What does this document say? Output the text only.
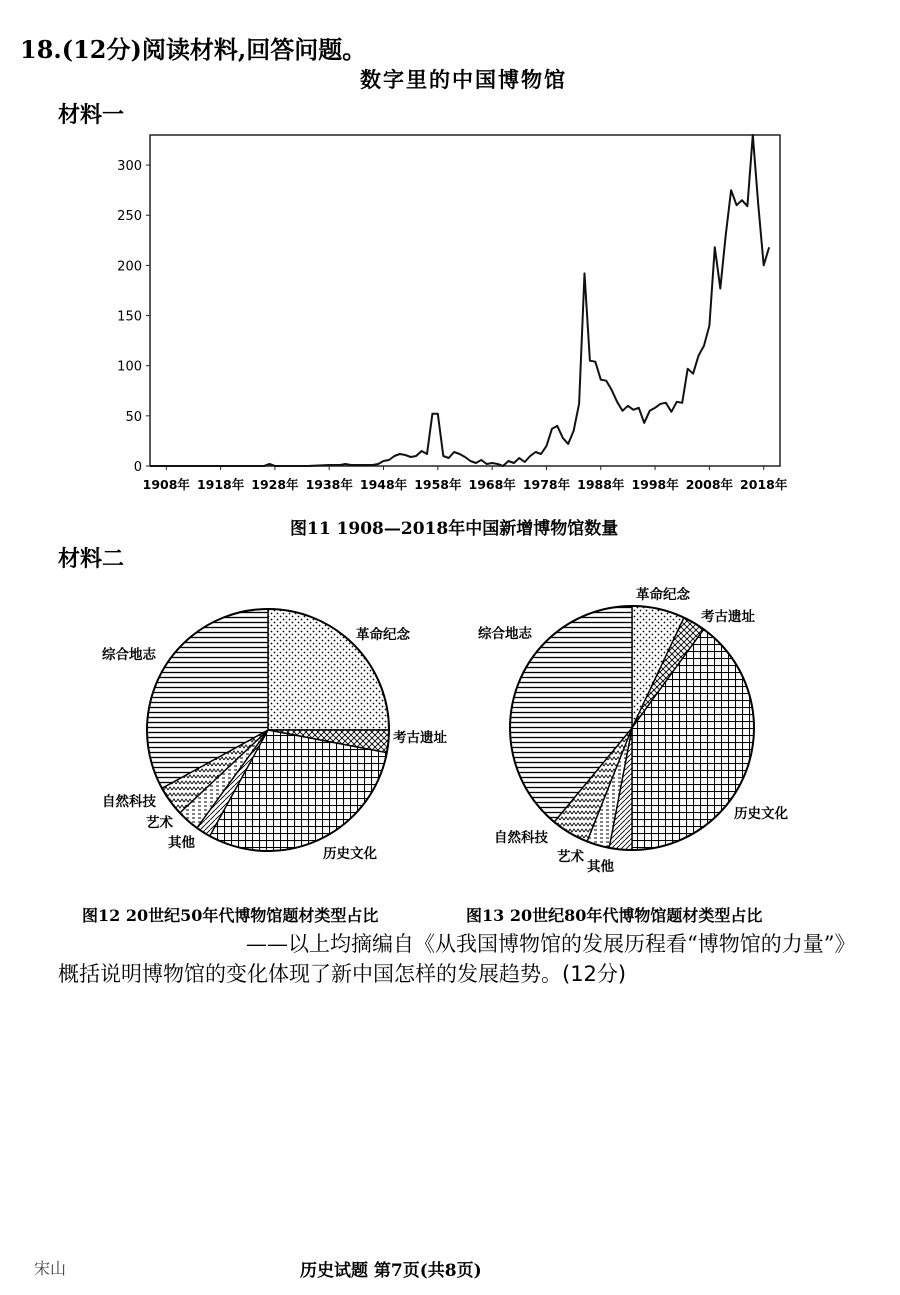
18.(12分)阅读材料,回答问题。
数字里的中国博物馆
材料一
0
50
100
150
200
250
300
1908年 1918年 1928年 1938年 1948年 1958年 1968年 1978年 1988年 1998年 2008年 2018年
图11 1908—2018年中国新增博物馆数量
材料二
革命纪念
考古遗址
历史文化
其他
艺术
自然科技
综合地志
革命纪念
考古遗址
历史文化
其他
艺术
自然科技
综合地志
图12 20世纪50年代博物馆题材类型占比	图13 20世纪80年代博物馆题材类型占比
——以上均摘编自《从我国博物馆的发展历程看“博物馆的力量”》
概括说明博物馆的变化体现了新中国怎样的发展趋势。(12分)
宋山	历史试题 第7页(共8页)
